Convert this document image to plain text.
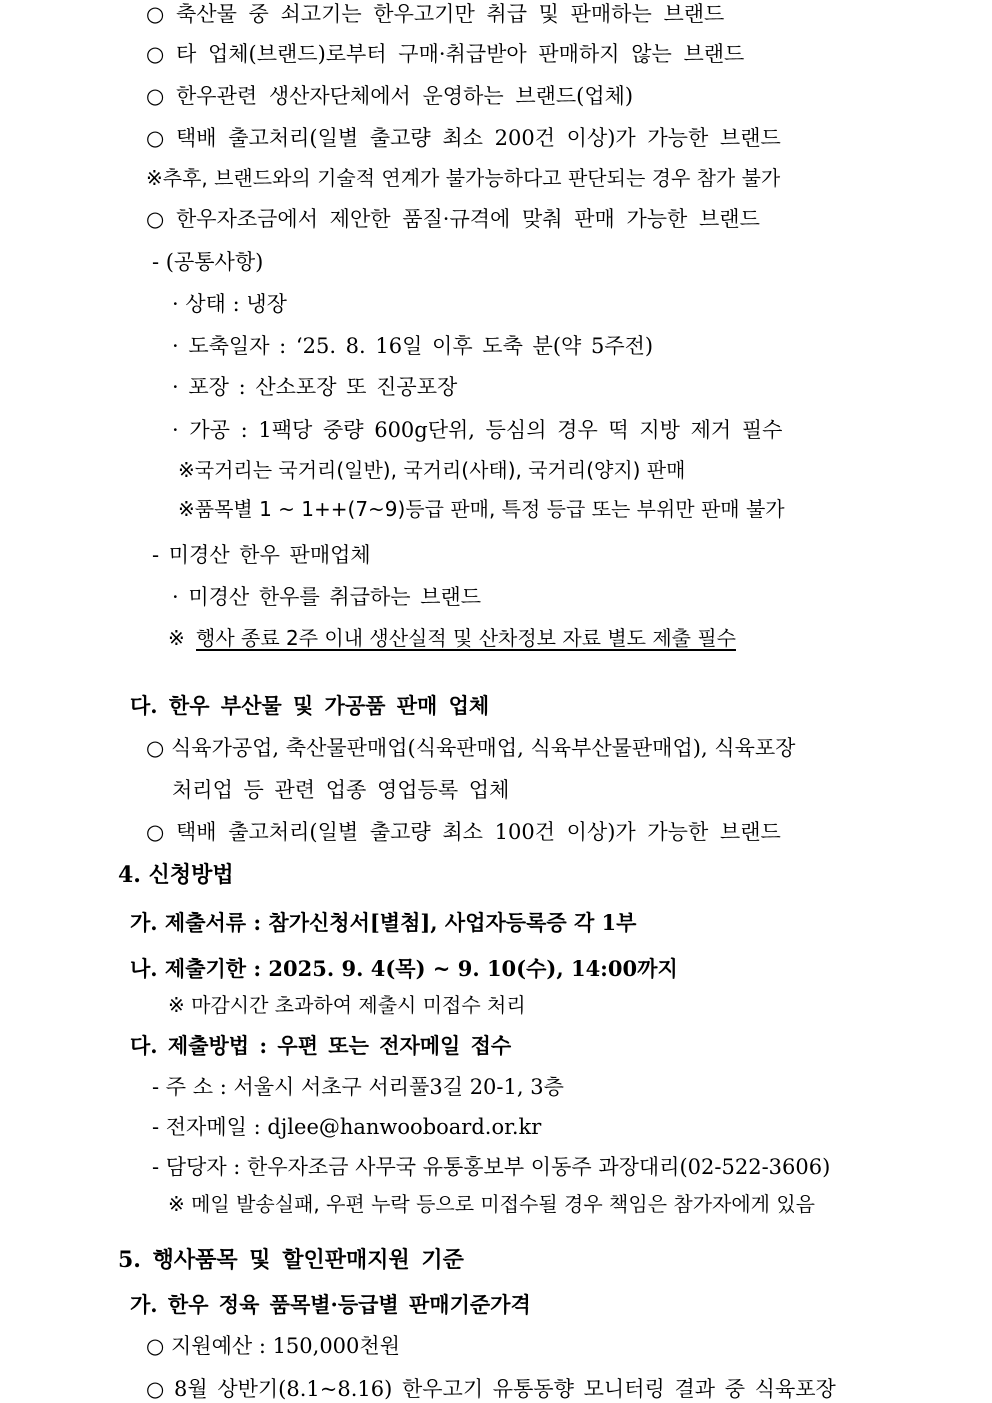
○ 축산물 중 쇠고기는 한우고기만 취급 및 판매하는 브랜드
○ 타 업체(브랜드)로부터 구매·취급받아 판매하지 않는 브랜드
○ 한우관련 생산자단체에서 운영하는 브랜드(업체)
○ 택배 출고처리(일별 출고량 최소 200건 이상)가 가능한 브랜드
※추후, 브랜드와의 기술적 연계가 불가능하다고 판단되는 경우 참가 불가
○ 한우자조금에서 제안한 품질·규격에 맞춰 판매 가능한 브랜드
- (공통사항)
· 상태 : 냉장
· 도축일자 : ‘25. 8. 16일 이후 도축 분(약 5주전)
· 포장 : 산소포장 또 진공포장
· 가공 : 1팩당 중량 600g단위, 등심의 경우 떡 지방 제거 필수
※국거리는 국거리(일반), 국거리(사태), 국거리(양지) 판매
※품목별 1 ~ 1++(7~9)등급 판매, 특정 등급 또는 부위만 판매 불가
- 미경산 한우 판매업체
· 미경산 한우를 취급하는 브랜드
※ 행사 종료 2주 이내 생산실적 및 산차정보 자료 별도 제출 필수
다. 한우 부산물 및 가공품 판매 업체
○ 식육가공업, 축산물판매업(식육판매업, 식육부산물판매업), 식육포장
처리업 등 관련 업종 영업등록 업체
○ 택배 출고처리(일별 출고량 최소 100건 이상)가 가능한 브랜드
4. 신청방법
가. 제출서류 : 참가신청서[별첨], 사업자등록증 각 1부
나. 제출기한 : 2025. 9. 4(목) ~ 9. 10(수), 14:00까지
※ 마감시간 초과하여 제출시 미접수 처리
다. 제출방법 : 우편 또는 전자메일 접수
- 주 소 : 서울시 서초구 서리풀3길 20-1, 3층
- 전자메일 : djlee@hanwooboard.or.kr
- 담당자 : 한우자조금 사무국 유통홍보부 이동주 과장대리(02-522-3606)
※ 메일 발송실패, 우편 누락 등으로 미접수될 경우 책임은 참가자에게 있음
5. 행사품목 및 할인판매지원 기준
가. 한우 정육 품목별·등급별 판매기준가격
○ 지원예산 : 150,000천원
○ 8월 상반기(8.1~8.16) 한우고기 유통동향 모니터링 결과 중 식육포장
